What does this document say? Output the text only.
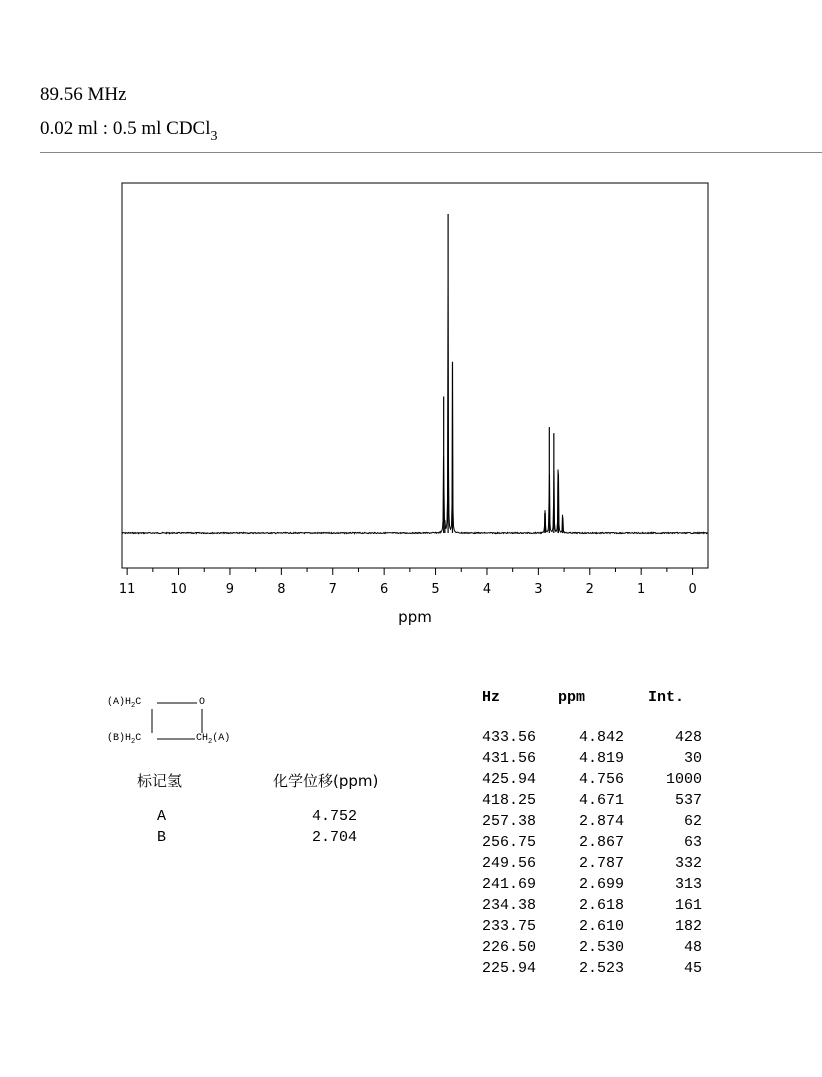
89.56 MHz
0.02 ml : 0.5 ml CDCl$_3$
11	10	9	8	7	6	5	4	3	2	1	0
ppm
$(A)H_2C$	O
$(B)H_2C$	$CH_2(A)$
标记氢	化学位移(ppm)
A	4.752
B	2.704
Hz	ppm	Int.
433.56	4.842	428
431.56	4.819	30
425.94	4.756	1000
418.25	4.671	537
257.38	2.874	62
256.75	2.867	63
249.56	2.787	332
241.69	2.699	313
234.38	2.618	161
233.75	2.610	182
226.50	2.530	48
225.94	2.523	45
